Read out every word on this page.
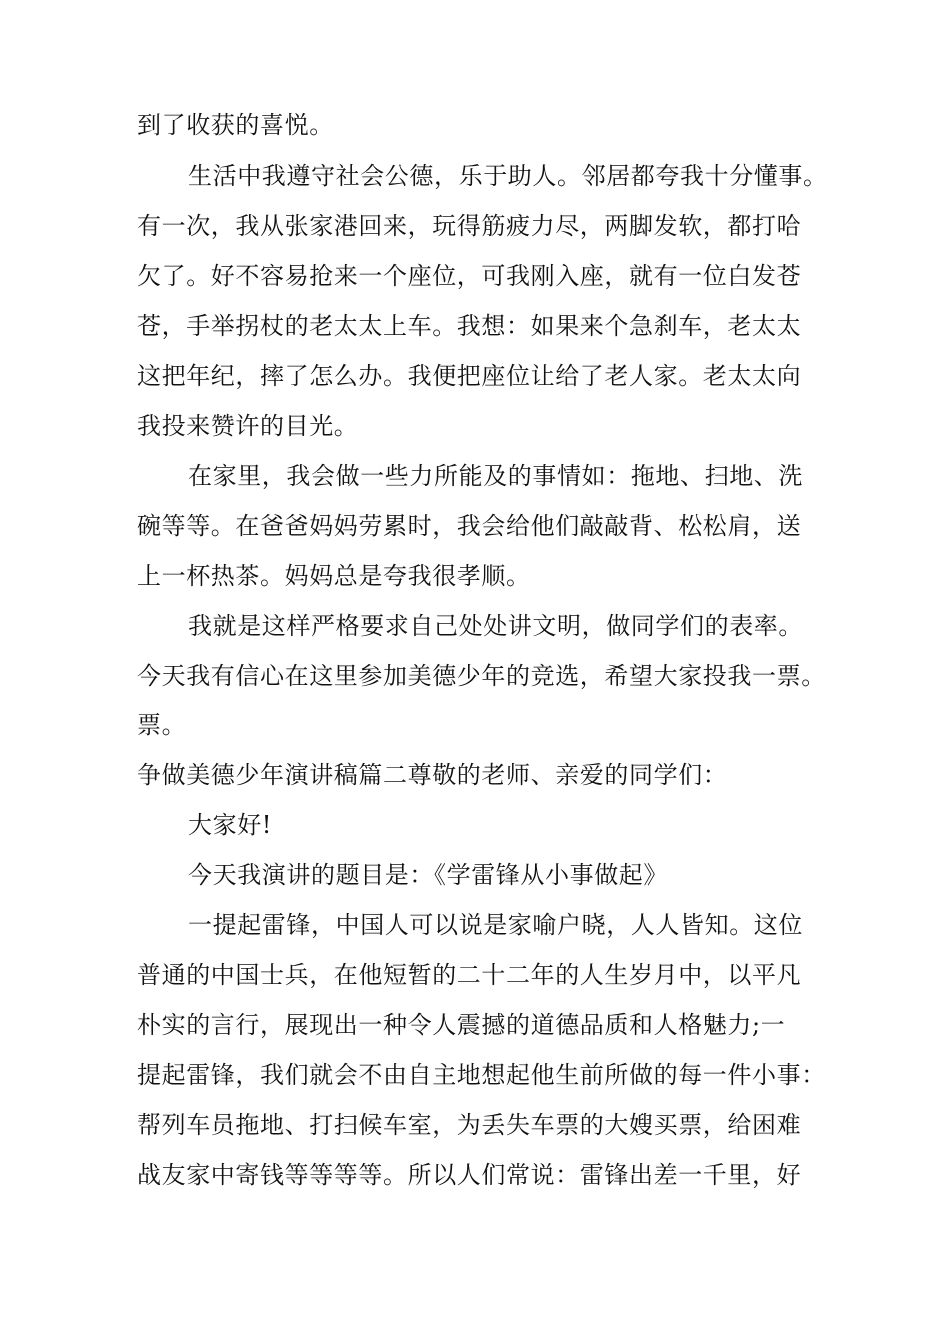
到了收获的喜悦。
生活中我遵守社会公德，乐于助人。邻居都夸我十分懂事。
有一次，我从张家港回来，玩得筋疲力尽，两脚发软，都打哈
欠了。好不容易抢来一个座位，可我刚入座，就有一位白发苍
苍，手举拐杖的老太太上车。我想：如果来个急刹车，老太太
这把年纪，摔了怎么办。我便把座位让给了老人家。老太太向
我投来赞许的目光。
在家里，我会做一些力所能及的事情如：拖地、扫地、洗
碗等等。在爸爸妈妈劳累时，我会给他们敲敲背、松松肩，送
上一杯热茶。妈妈总是夸我很孝顺。
我就是这样严格要求自己处处讲文明，做同学们的表率。
今天我有信心在这里参加美德少年的竞选，希望大家投我一票。
票。
争做美德少年演讲稿篇二尊敬的老师、亲爱的同学们：
大家好!
今天我演讲的题目是：《学雷锋从小事做起》
一提起雷锋，中国人可以说是家喻户晓，人人皆知。这位
普通的中国士兵，在他短暂的二十二年的人生岁月中，以平凡
朴实的言行，展现出一种令人震撼的道德品质和人格魅力;一
提起雷锋，我们就会不由自主地想起他生前所做的每一件小事：
帮列车员拖地、打扫候车室，为丢失车票的大嫂买票，给困难
战友家中寄钱等等等等。所以人们常说：雷锋出差一千里，好
